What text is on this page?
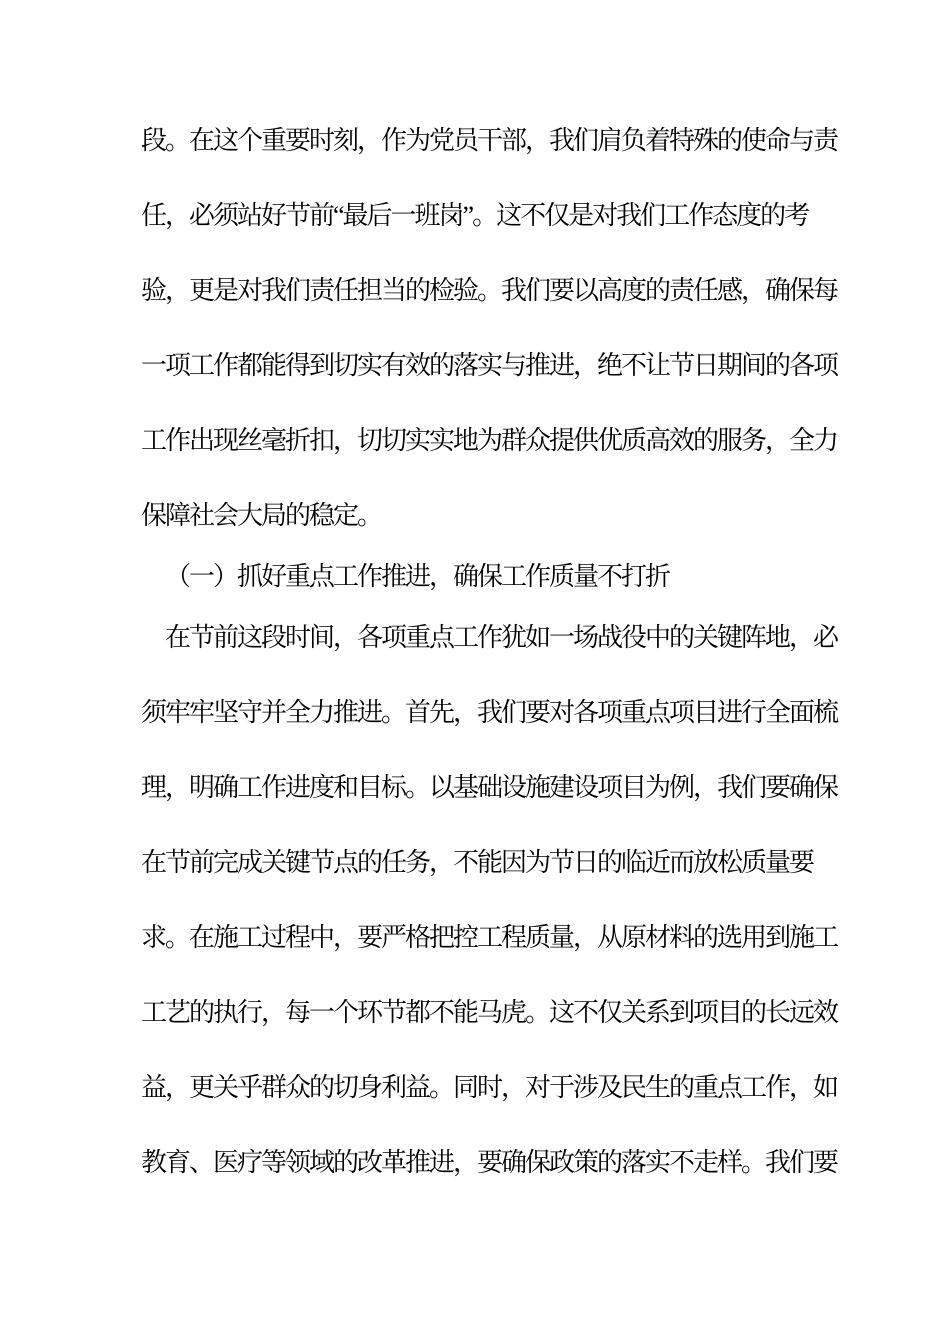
段。在这个重要时刻，作为党员干部，我们肩负着特殊的使命与责
任，必须站好节前“最后一班岗”。这不仅是对我们工作态度的考
验，更是对我们责任担当的检验。我们要以高度的责任感，确保每
一项工作都能得到切实有效的落实与推进，绝不让节日期间的各项
工作出现丝毫折扣，切切实实地为群众提供优质高效的服务，全力
保障社会大局的稳定。
（一）抓好重点工作推进，确保工作质量不打折
在节前这段时间，各项重点工作犹如一场战役中的关键阵地，必
须牢牢坚守并全力推进。首先，我们要对各项重点项目进行全面梳
理，明确工作进度和目标。以基础设施建设项目为例，我们要确保
在节前完成关键节点的任务，不能因为节日的临近而放松质量要
求。在施工过程中，要严格把控工程质量，从原材料的选用到施工
工艺的执行，每一个环节都不能马虎。这不仅关系到项目的长远效
益，更关乎群众的切身利益。同时，对于涉及民生的重点工作，如
教育、医疗等领域的改革推进，要确保政策的落实不走样。我们要
